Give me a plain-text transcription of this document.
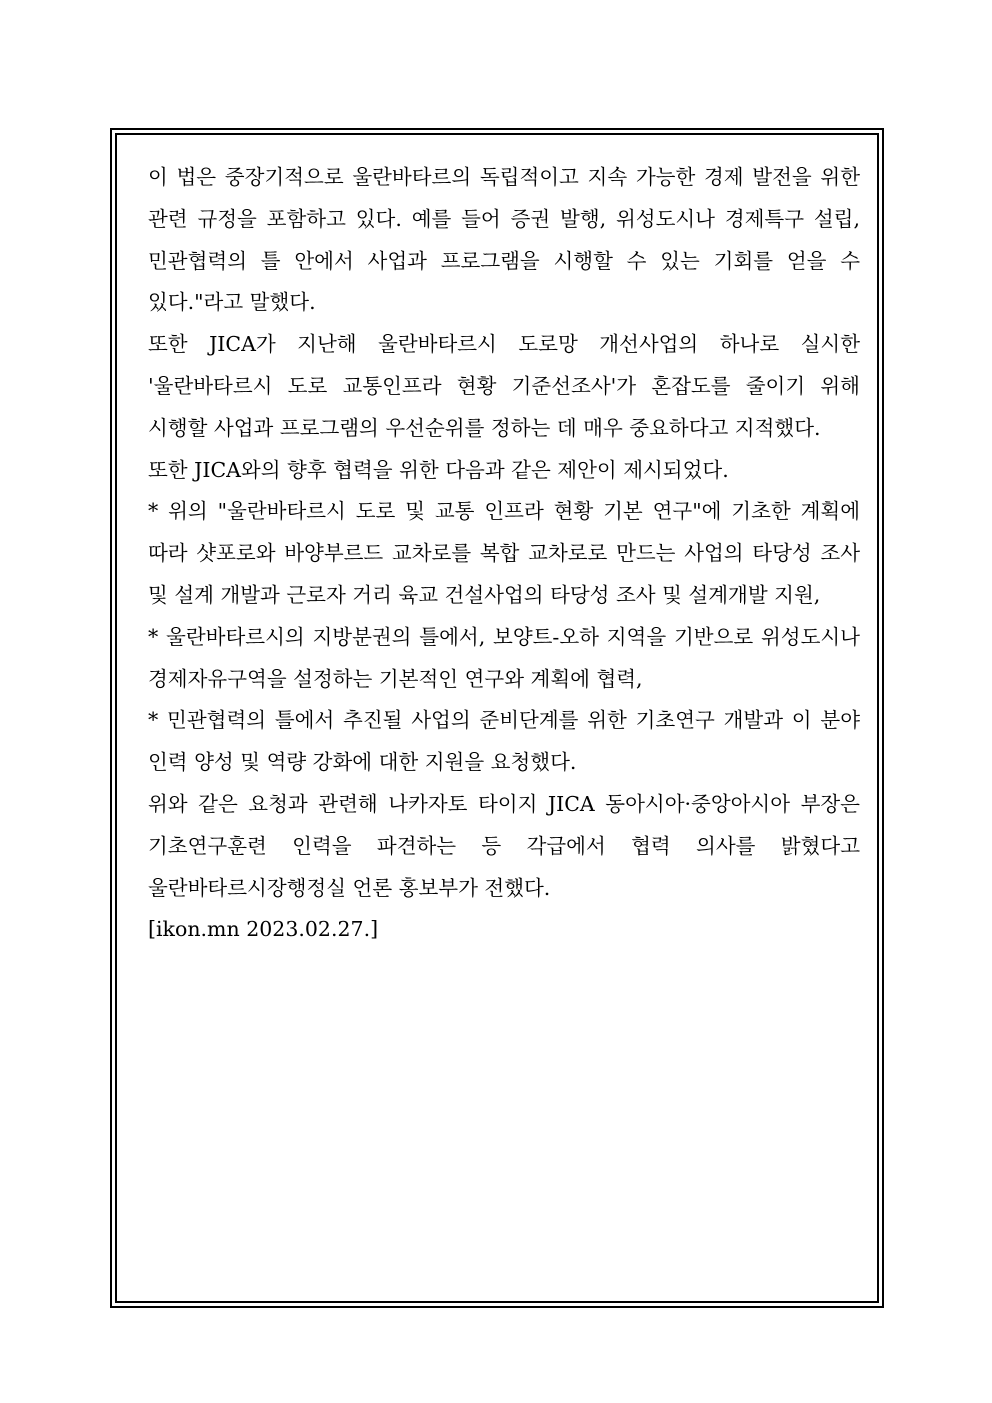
이 법은 중장기적으로 울란바타르의 독립적이고 지속 가능한 경제 발전을 위한 관련 규정을 포함하고 있다. 예를 들어 증권 발행, 위성도시나 경제특구 설립, 민관협력의 틀 안에서 사업과 프로그램을 시행할 수 있는 기회를 얻을 수 있다."라고 말했다.

또한 JICA가 지난해 울란바타르시 도로망 개선사업의 하나로 실시한 '울란바타르시 도로 교통인프라 현황 기준선조사'가 혼잡도를 줄이기 위해 시행할 사업과 프로그램의 우선순위를 정하는 데 매우 중요하다고 지적했다.

또한 JICA와의 향후 협력을 위한 다음과 같은 제안이 제시되었다.

* 위의 "울란바타르시 도로 및 교통 인프라 현황 기본 연구"에 기초한 계획에 따라 샷포로와 바양부르드 교차로를 복합 교차로로 만드는 사업의 타당성 조사 및 설계 개발과 근로자 거리 육교 건설사업의 타당성 조사 및 설계개발 지원,

* 울란바타르시의 지방분권의 틀에서, 보양트-오하 지역을 기반으로 위성도시나 경제자유구역을 설정하는 기본적인 연구와 계획에 협력,

* 민관협력의 틀에서 추진될 사업의 준비단계를 위한 기초연구 개발과 이 분야 인력 양성 및 역량 강화에 대한 지원을 요청했다.

위와 같은 요청과 관련해 나카자토 타이지 JICA 동아시아·중앙아시아 부장은 기초연구훈련 인력을 파견하는 등 각급에서 협력 의사를 밝혔다고 울란바타르시장행정실 언론 홍보부가 전했다.

[ikon.mn 2023.02.27.]
